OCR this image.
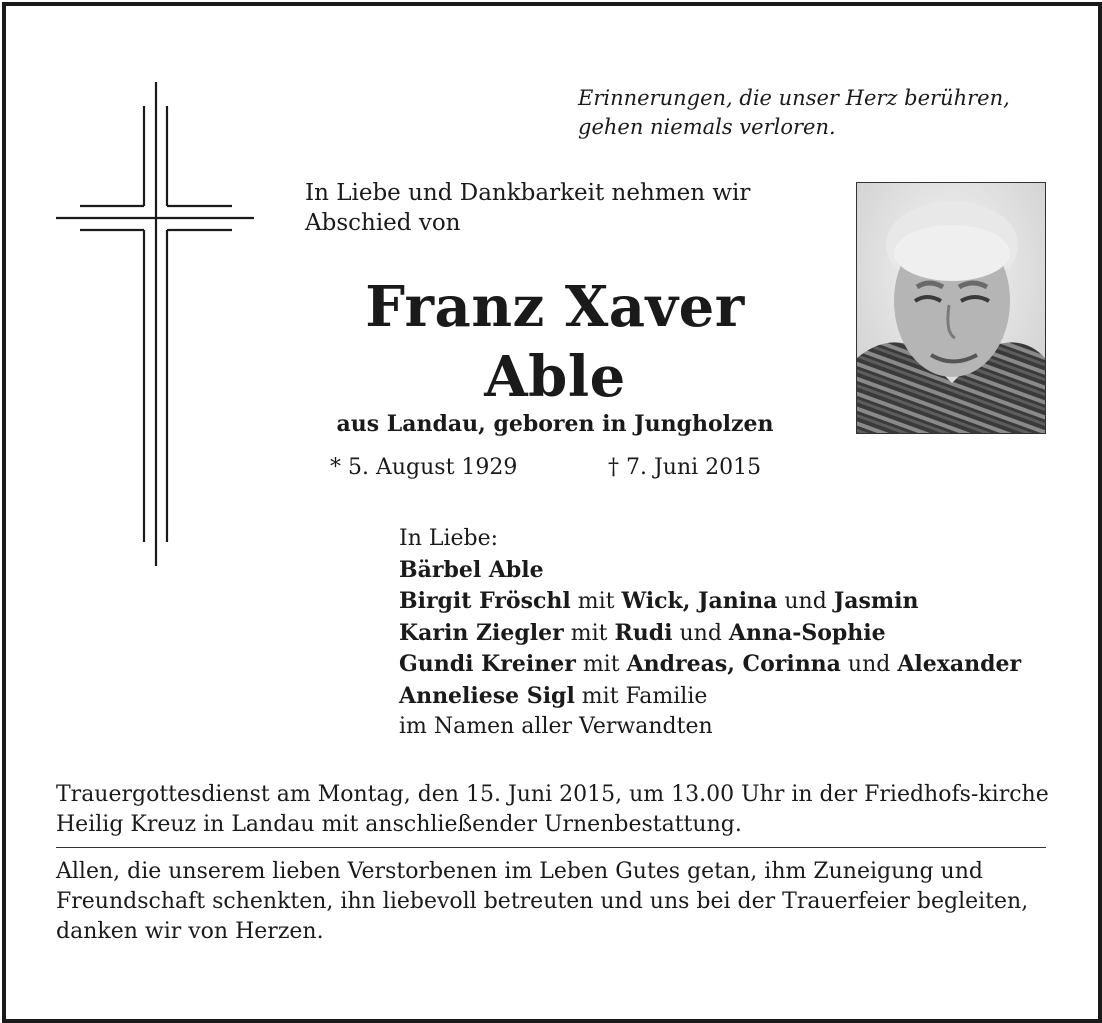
Erinnerungen, die unser Herz berühren,
gehen niemals verloren.
In Liebe und Dankbarkeit nehmen wir Abschied von
Franz Xaver
Able
aus Landau, geboren in Jungholzen
* 5. August 1929	† 7. Juni 2015
In Liebe:
Bärbel Able
Birgit Fröschl mit Wick, Janina und Jasmin
Karin Ziegler mit Rudi und Anna-Sophie
Gundi Kreiner mit Andreas, Corinna und Alexander
Anneliese Sigl mit Familie
im Namen aller Verwandten
Trauergottesdienst am Montag, den 15. Juni 2015, um 13.00 Uhr in der Friedhofs-kirche Heilig Kreuz in Landau mit anschließender Urnenbestattung.
Allen, die unserem lieben Verstorbenen im Leben Gutes getan, ihm Zuneigung und Freundschaft schenkten, ihn liebevoll betreuten und uns bei der Trauerfeier begleiten, danken wir von Herzen.
